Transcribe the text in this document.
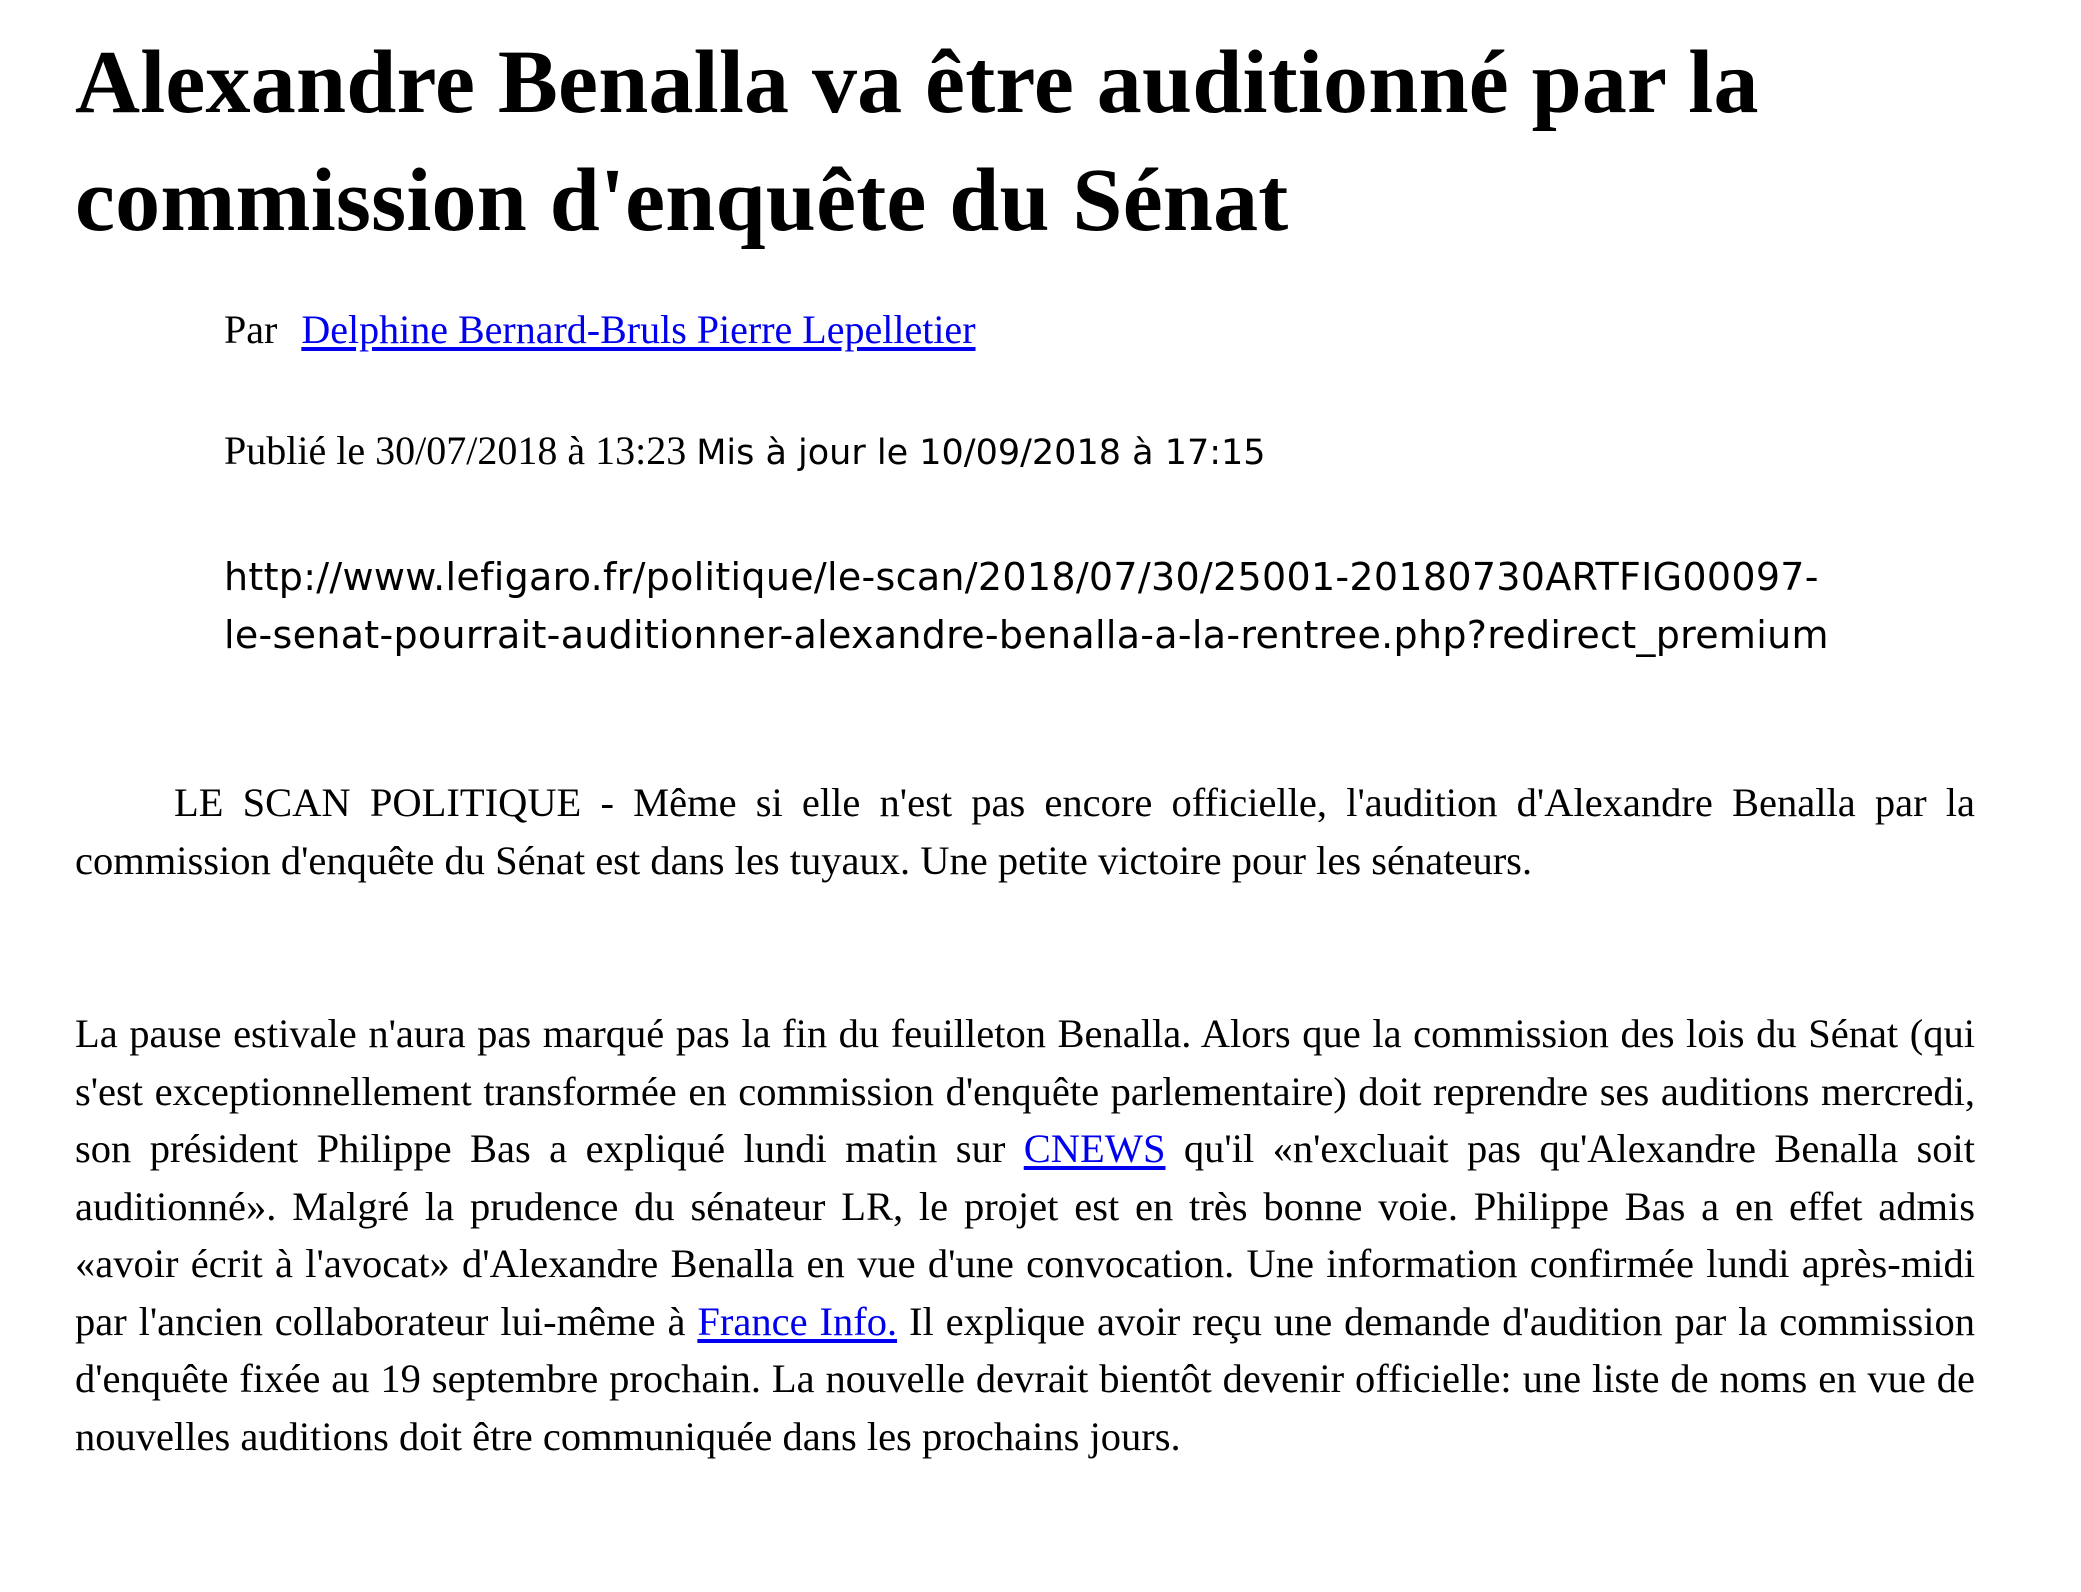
Alexandre Benalla va être auditionné par la commission d'enquête du Sénat
Par Delphine Bernard-Bruls Pierre Lepelletier
Publié le 30/07/2018 à 13:23 Mis à jour le 10/09/2018 à 17:15
http://www.lefigaro.fr/politique/le-scan/2018/07/30/25001-20180730ARTFIG00097-
le-senat-pourrait-auditionner-alexandre-benalla-a-la-rentree.php?redirect_premium

LE SCAN POLITIQUE - Même si elle n'est pas encore officielle, l'audition d'Alexandre Benalla par la commission d'enquête du Sénat est dans les tuyaux. Une petite victoire pour les sénateurs.

La pause estivale n'aura pas marqué pas la fin du feuilleton Benalla. Alors que la commission des lois du Sénat (qui s'est exceptionnellement transformée en commission d'enquête parlementaire) doit reprendre ses auditions mercredi, son président Philippe Bas a expliqué lundi matin sur CNEWS qu'il «n'excluait pas qu'Alexandre Benalla soit auditionné». Malgré la prudence du sénateur LR, le projet est en très bonne voie. Philippe Bas a en effet admis «avoir écrit à l'avocat» d'Alexandre Benalla en vue d'une convocation. Une information confirmée lundi après-midi par l'ancien collaborateur lui-même à France Info. Il explique avoir reçu une demande d'audition par la commission d'enquête fixée au 19 septembre prochain. La nouvelle devrait bientôt devenir officielle: une liste de noms en vue de nouvelles auditions doit être communiquée dans les prochains jours.
